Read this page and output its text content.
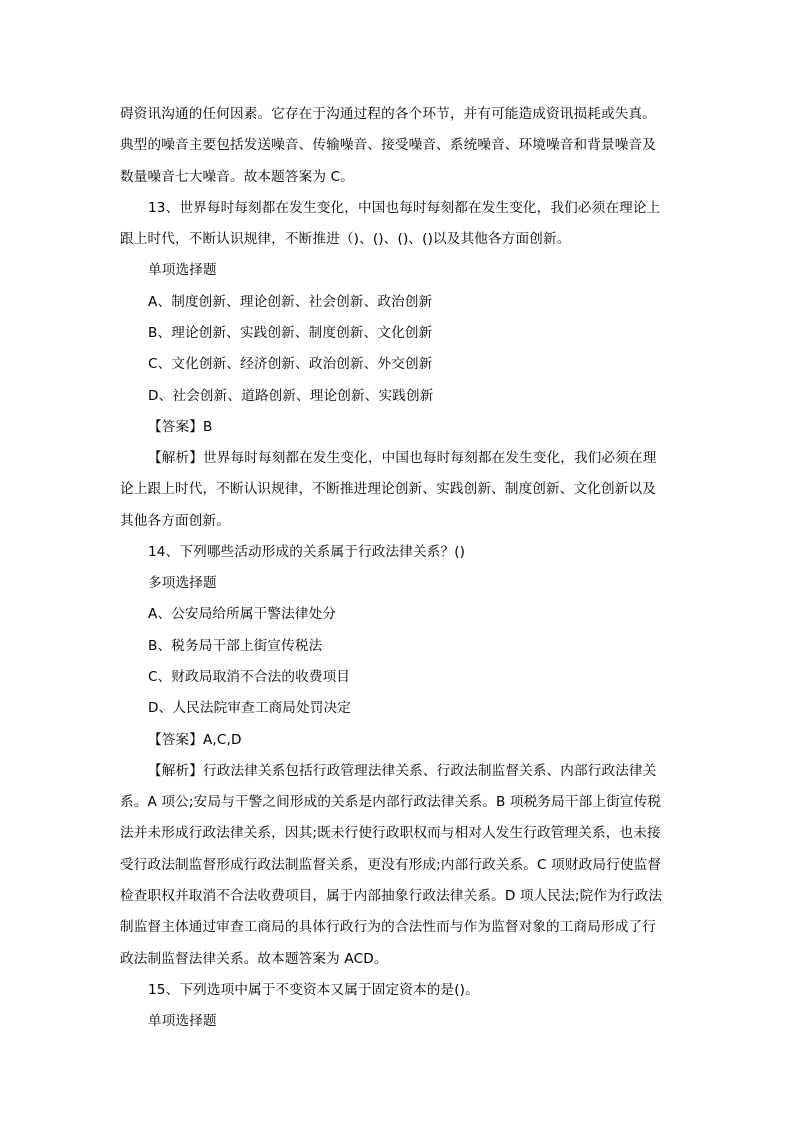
碍资讯沟通的任何因素。它存在于沟通过程的各个环节，并有可能造成资讯损耗或失真。
典型的噪音主要包括发送噪音、传输噪音、接受噪音、系统噪音、环境噪音和背景噪音及
数量噪音七大噪音。故本题答案为 C。
13、世界每时每刻都在发生变化，中国也每时每刻都在发生变化，我们必须在理论上
跟上时代，不断认识规律，不断推进（)、()、()、()以及其他各方面创新。
单项选择题
A、制度创新、理论创新、社会创新、政治创新
B、理论创新、实践创新、制度创新、文化创新
C、文化创新、经济创新、政治创新、外交创新
D、社会创新、道路创新、理论创新、实践创新
【答案】B
【解析】世界每时每刻都在发生变化，中国也每时每刻都在发生变化，我们必须在理
论上跟上时代，不断认识规律，不断推进理论创新、实践创新、制度创新、文化创新以及
其他各方面创新。
14、下列哪些活动形成的关系属于行政法律关系？()
多项选择题
A、公安局给所属干警法律处分
B、税务局干部上街宣传税法
C、财政局取消不合法的收费项目
D、人民法院审查工商局处罚决定
【答案】A,C,D
【解析】行政法律关系包括行政管理法律关系、行政法制监督关系、内部行政法律关
系。A 项公;安局与干警之间形成的关系是内部行政法律关系。B 项税务局干部上街宣传税
法并未形成行政法律关系，因其;既未行使行政职权而与相对人发生行政管理关系，也未接
受行政法制监督形成行政法制监督关系，更没有形成;内部行政关系。C 项财政局行使监督
检查职权并取消不合法收费项目，属于内部抽象行政法律关系。D 项人民法;院作为行政法
制监督主体通过审查工商局的具体行政行为的合法性而与作为监督对象的工商局形成了行
政法制监督法律关系。故本题答案为 ACD。
15、下列选项中属于不变资本又属于固定资本的是()。
单项选择题
